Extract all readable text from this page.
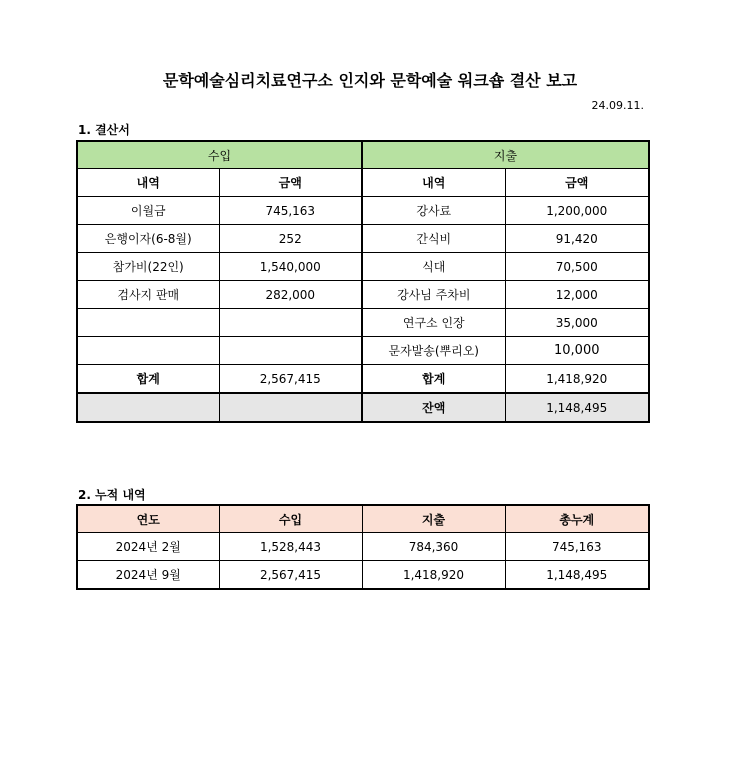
문학예술심리치료연구소 인지와 문학예술 워크숍 결산 보고
24.09.11.
1. 결산서
수입		지출	
내역	금액	내역	금액
이월금	745,163	강사료	1,200,000
은행이자(6-8월)	252	간식비	91,420
참가비(22인)	1,540,000	식대	70,500
검사지 판매	282,000	강사님 주차비	12,000
		연구소 인장	35,000
		문자발송(뿌리오)	10,000
합계	2,567,415	합계	1,418,920
		잔액	1,148,495
2. 누적 내역
연도	수입	지출	총누계
2024년 2월	1,528,443	784,360	745,163
2024년 9월	2,567,415	1,418,920	1,148,495
